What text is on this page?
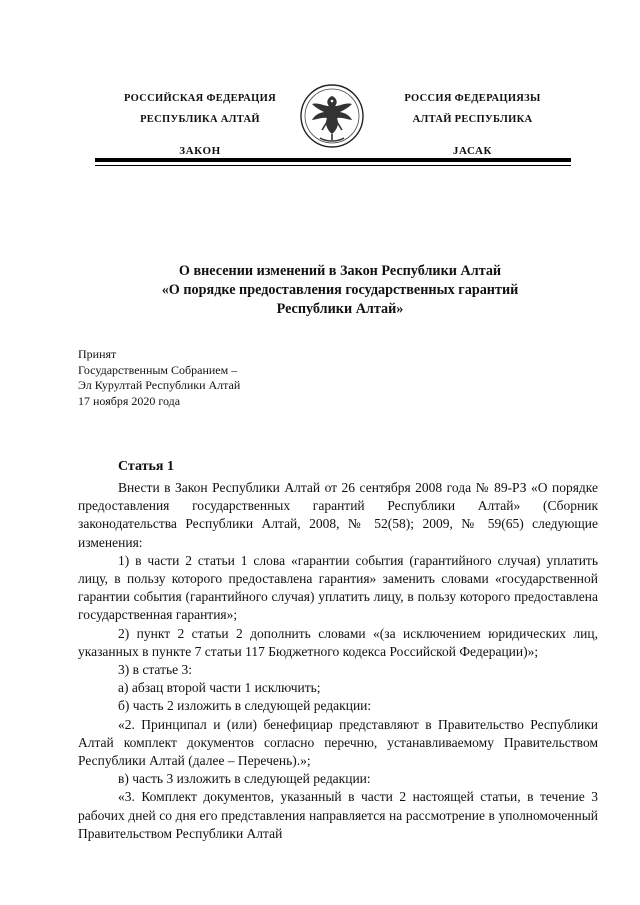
РОССИЙСКАЯ ФЕДЕРАЦИЯ
РЕСПУБЛИКА АЛТАЙ
ЗАКОН
РОССИЯ ФЕДЕРАЦИЯЗЫ
АЛТАЙ РЕСПУБЛИКА
JАСАК
О внесении изменений в Закон Республики Алтай
«О порядке предоставления государственных гарантий
Республики Алтай»
Принят
Государственным Собранием –
Эл Курултай Республики Алтай
17 ноября 2020 года
Статья 1

Внести в Закон Республики Алтай от 26 сентября 2008 года № 89-РЗ «О порядке предоставления государственных гарантий Республики Алтай» (Сборник законодательства Республики Алтай, 2008, № 52(58); 2009, № 59(65) следующие изменения:

1) в части 2 статьи 1 слова «гарантии события (гарантийного случая) уплатить лицу, в пользу которого предоставлена гарантия» заменить словами «государственной гарантии события (гарантийного случая) уплатить лицу, в пользу которого предоставлена государственная гарантия»;

2) пункт 2 статьи 2 дополнить словами «(за исключением юридических лиц, указанных в пункте 7 статьи 117 Бюджетного кодекса Российской Федерации)»;

3) в статье 3:

а) абзац второй части 1 исключить;

б) часть 2 изложить в следующей редакции:

«2. Принципал и (или) бенефициар представляют в Правительство Республики Алтай комплект документов согласно перечню, устанавливаемому Правительством Республики Алтай (далее – Перечень).»;

в) часть 3 изложить в следующей редакции:

«3. Комплект документов, указанный в части 2 настоящей статьи, в течение 3 рабочих дней со дня его представления направляется на рассмотрение в уполномоченный Правительством Республики Алтай
